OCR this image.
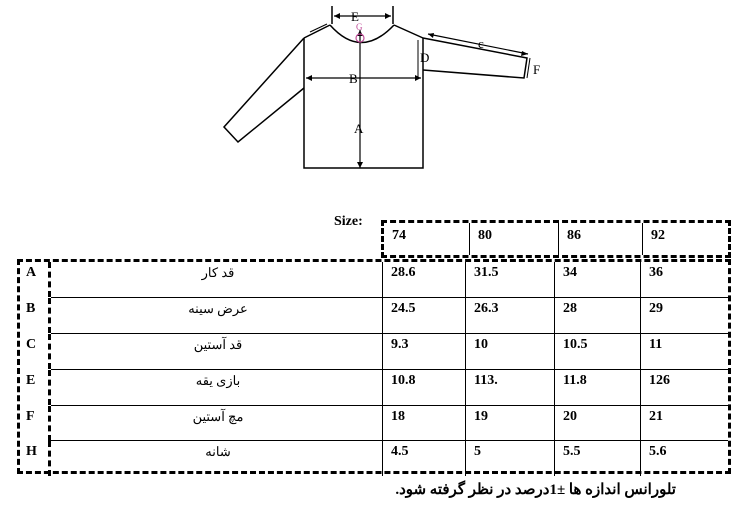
E
G
A
B
c
D
F
Size:
74	80	86	92
A	قد کار	28.6	31.5	34	36
B	عرض سینه	24.5	26.3	28	29
C	قد آستین	9.3	10	10.5	11
E	بازی یقه	10.8	113.	11.8	126
F	مچ آستین	18	19	20	21
H	شانه	4.5	5	5.5	5.6
تلورانس اندازه ها ±1درصد در نظر گرفته شود.
